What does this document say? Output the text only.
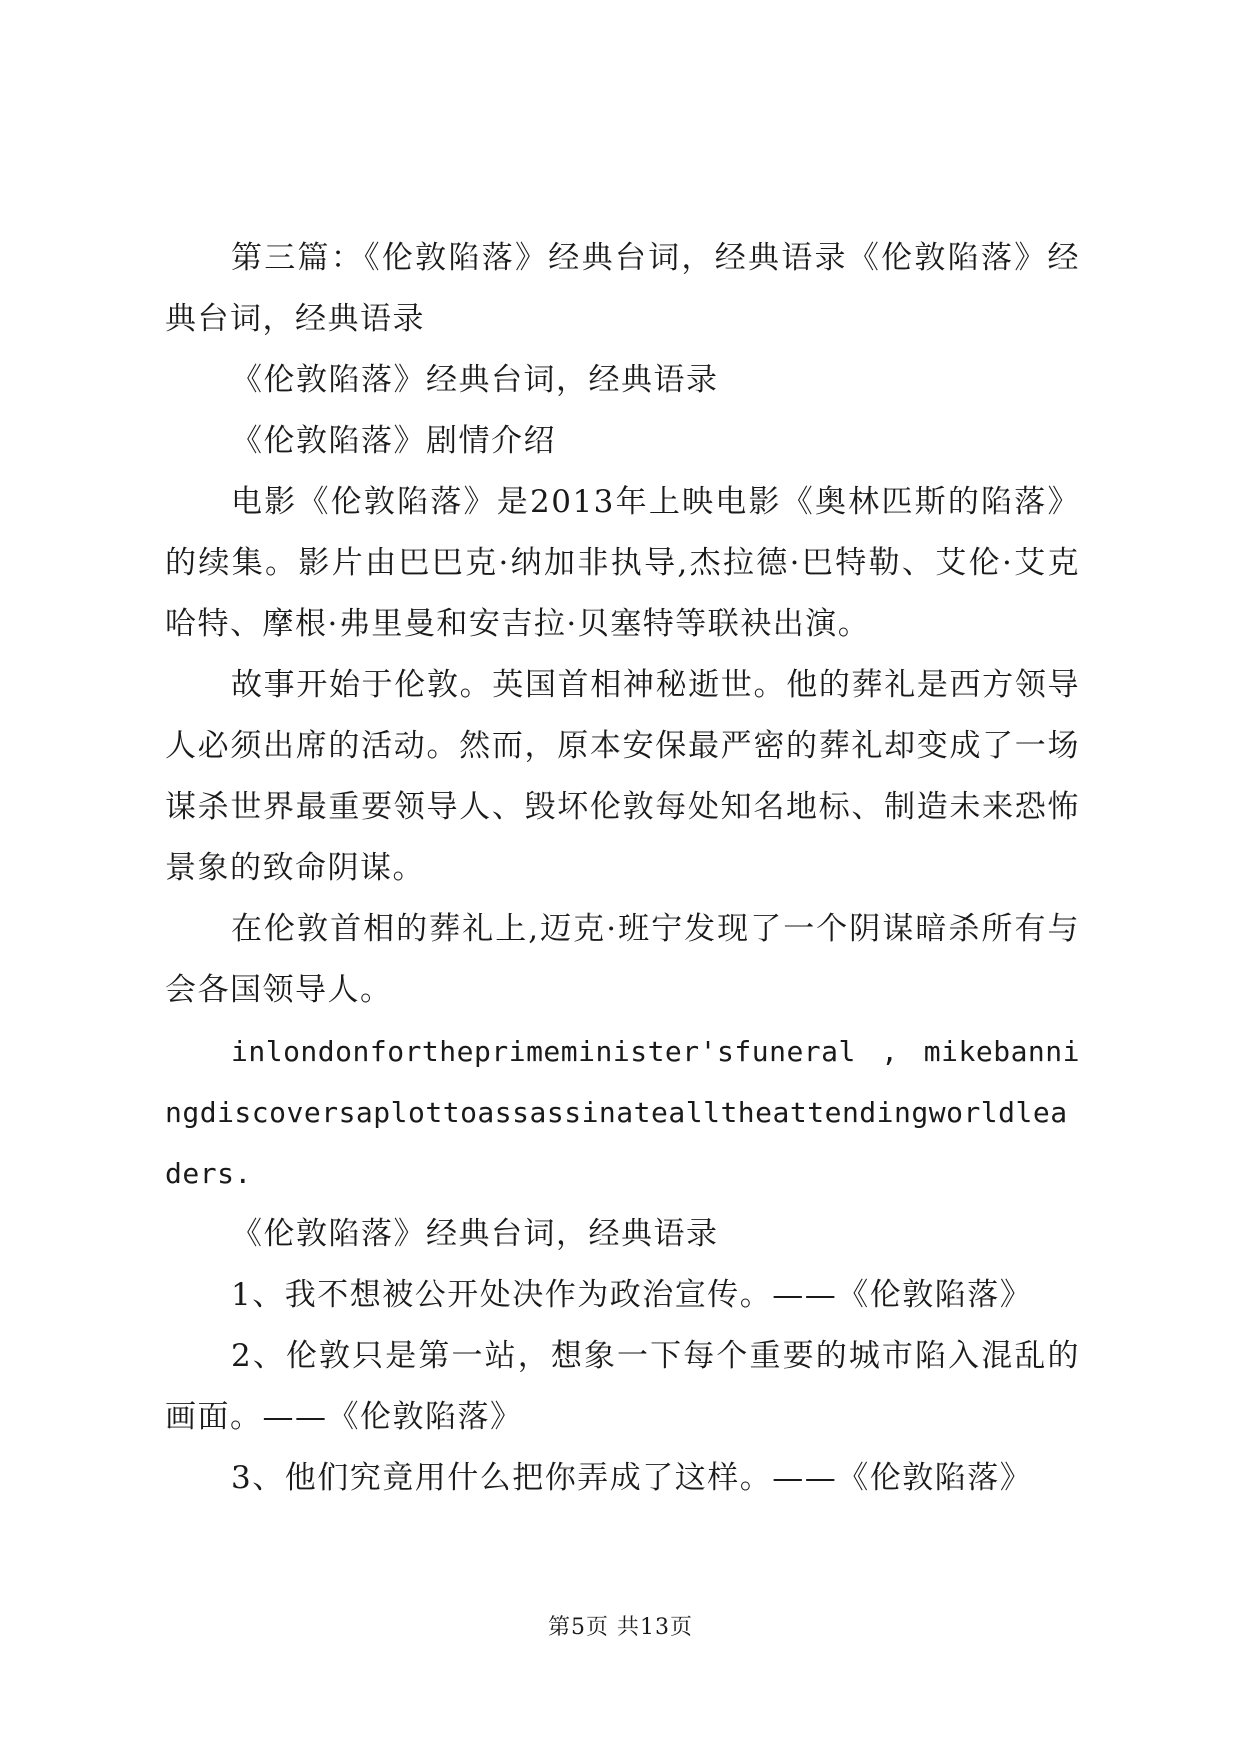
第三篇：《伦敦陷落》经典台词，经典语录《伦敦陷落》经典台词，经典语录

《伦敦陷落》经典台词，经典语录

《伦敦陷落》剧情介绍

电影《伦敦陷落》是2013年上映电影《奥林匹斯的陷落》的续集。影片由巴巴克·纳加非执导,杰拉德·巴特勒、艾伦·艾克哈特、摩根·弗里曼和安吉拉·贝塞特等联袂出演。

故事开始于伦敦。英国首相神秘逝世。他的葬礼是西方领导人必须出席的活动。然而，原本安保最严密的葬礼却变成了一场谋杀世界最重要领导人、毁坏伦敦每处知名地标、制造未来恐怖景象的致命阴谋。

在伦敦首相的葬礼上,迈克·班宁发现了一个阴谋暗杀所有与会各国领导人。

inlondonfortheprimeminister'sfuneral , mikebanningdiscoversaplottoassassinatealltheattendingworldleaders.

《伦敦陷落》经典台词，经典语录

1、我不想被公开处决作为政治宣传。——《伦敦陷落》

2、伦敦只是第一站，想象一下每个重要的城市陷入混乱的画面。——《伦敦陷落》

3、他们究竟用什么把你弄成了这样。——《伦敦陷落》

第5页 共13页
